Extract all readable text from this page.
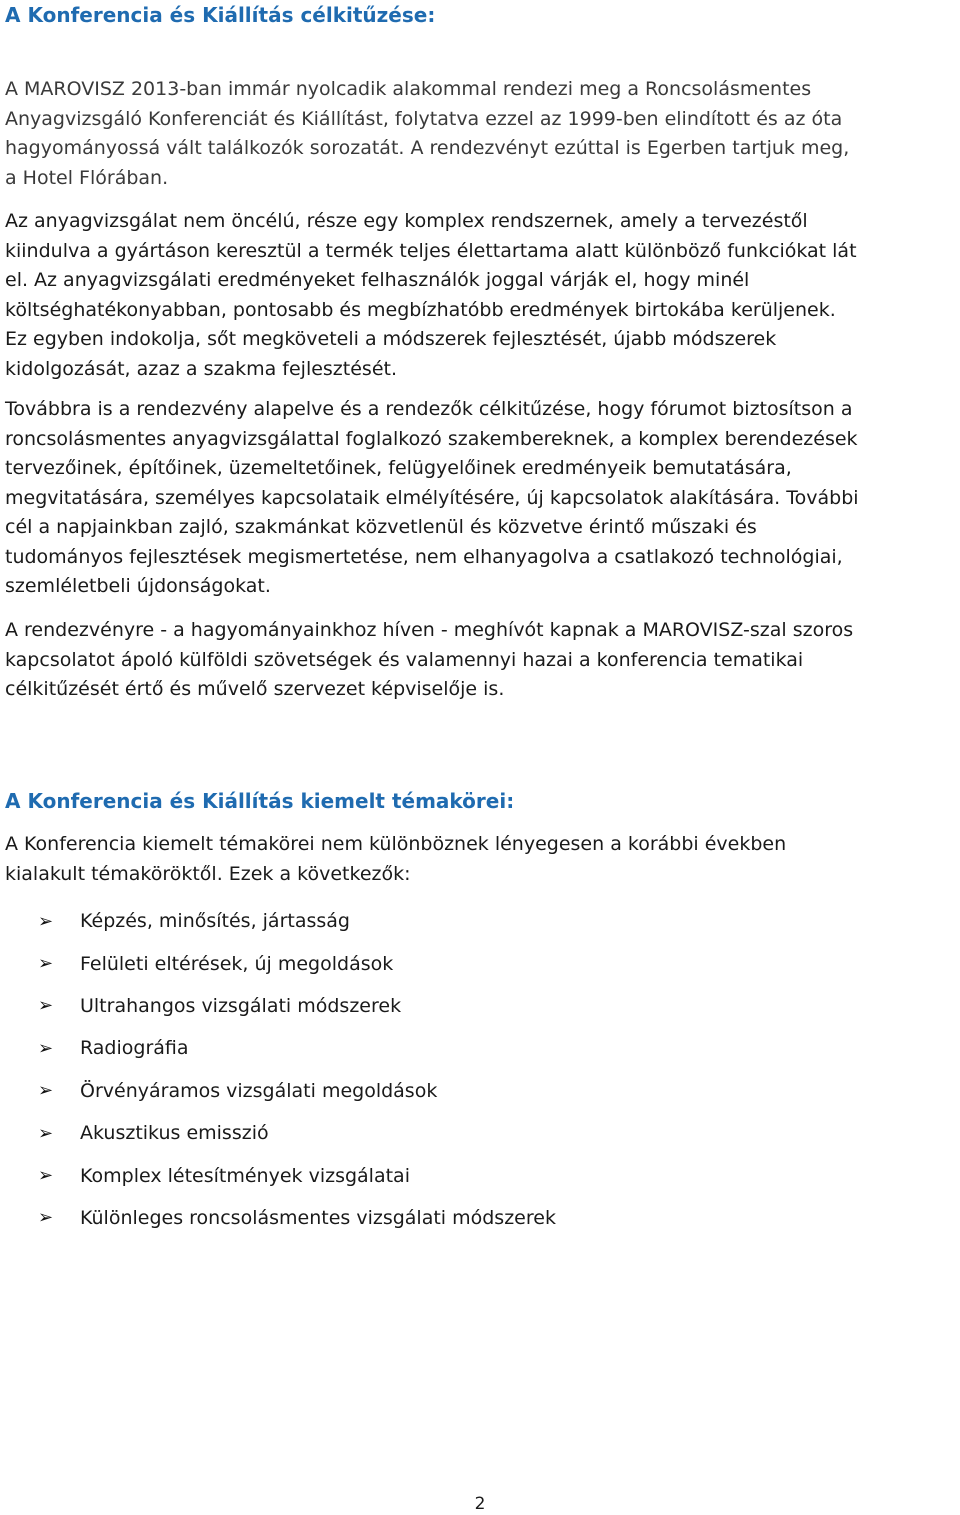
A Konferencia és Kiállítás célkitűzése:

A MAROVISZ 2013-ban immár nyolcadik alakommal rendezi meg a Roncsolásmentes
Anyagvizsgáló Konferenciát és Kiállítást, folytatva ezzel az 1999-ben elindított és az óta
hagyományossá vált találkozók sorozatát. A rendezvényt ezúttal is Egerben tartjuk meg,
a Hotel Flórában.

Az anyagvizsgálat nem öncélú, része egy komplex rendszernek, amely a tervezéstől
kiindulva a gyártáson keresztül a termék teljes élettartama alatt különböző funkciókat lát
el. Az anyagvizsgálati eredményeket felhasználók joggal várják el, hogy minél
költséghatékonyabban, pontosabb és megbízhatóbb eredmények birtokába kerüljenek.
Ez egyben indokolja, sőt megköveteli a módszerek fejlesztését, újabb módszerek
kidolgozását, azaz a szakma fejlesztését.

Továbbra is a rendezvény alapelve és a rendezők célkitűzése, hogy fórumot biztosítson a
roncsolásmentes anyagvizsgálattal foglalkozó szakembereknek, a komplex berendezések
tervezőinek, építőinek, üzemeltetőinek, felügyelőinek eredményeik bemutatására,
megvitatására, személyes kapcsolataik elmélyítésére, új kapcsolatok alakítására. További
cél a napjainkban zajló, szakmánkat közvetlenül és közvetve érintő műszaki és
tudományos fejlesztések megismertetése, nem elhanyagolva a csatlakozó technológiai,
szemléletbeli újdonságokat.

A rendezvényre - a hagyományainkhoz híven - meghívót kapnak a MAROVISZ-szal szoros
kapcsolatot ápoló külföldi szövetségek és valamennyi hazai a konferencia tematikai
célkitűzését értő és művelő szervezet képviselője is.

A Konferencia és Kiállítás kiemelt témakörei:

A Konferencia kiemelt témakörei nem különböznek lényegesen a korábbi években
kialakult témaköröktől. Ezek a következők:

➢	Képzés, minősítés, jártasság
➢	Felületi eltérések, új megoldások
➢	Ultrahangos vizsgálati módszerek
➢	Radiográfia
➢	Örvényáramos vizsgálati megoldások
➢	Akusztikus emisszió
➢	Komplex létesítmények vizsgálatai
➢	Különleges roncsolásmentes vizsgálati módszerek
2
